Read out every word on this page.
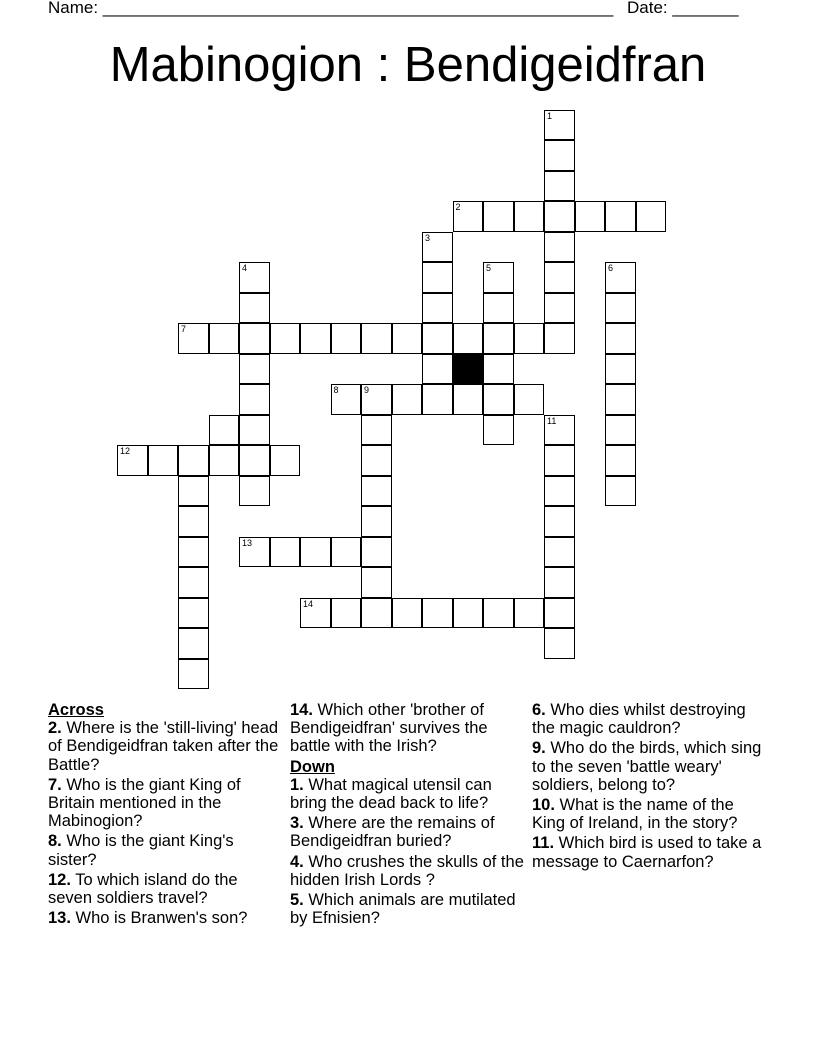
Name: ______________________________________________________ Date: _______
Mabinogion : Bendigeidfran
1
2
3
4	5	6
7
8	9
11
12
13
14
Across
2. Where is the 'still-living' head of Bendigeidfran taken after the Battle?
7. Who is the giant King of Britain mentioned in the Mabinogion?
8. Who is the giant King's sister?
12. To which island do the seven soldiers travel?
13. Who is Branwen's son?
14. Which other 'brother of Bendigeidfran' survives the battle with the Irish?
Down
1. What magical utensil can bring the dead back to life?
3. Where are the remains of Bendigeidfran buried?
4. Who crushes the skulls of the hidden Irish Lords ?
5. Which animals are mutilated by Efnisien?
6. Who dies whilst destroying the magic cauldron?
9. Who do the birds, which sing to the seven 'battle weary' soldiers, belong to?
10. What is the name of the King of Ireland, in the story?
11. Which bird is used to take a message to Caernarfon?
